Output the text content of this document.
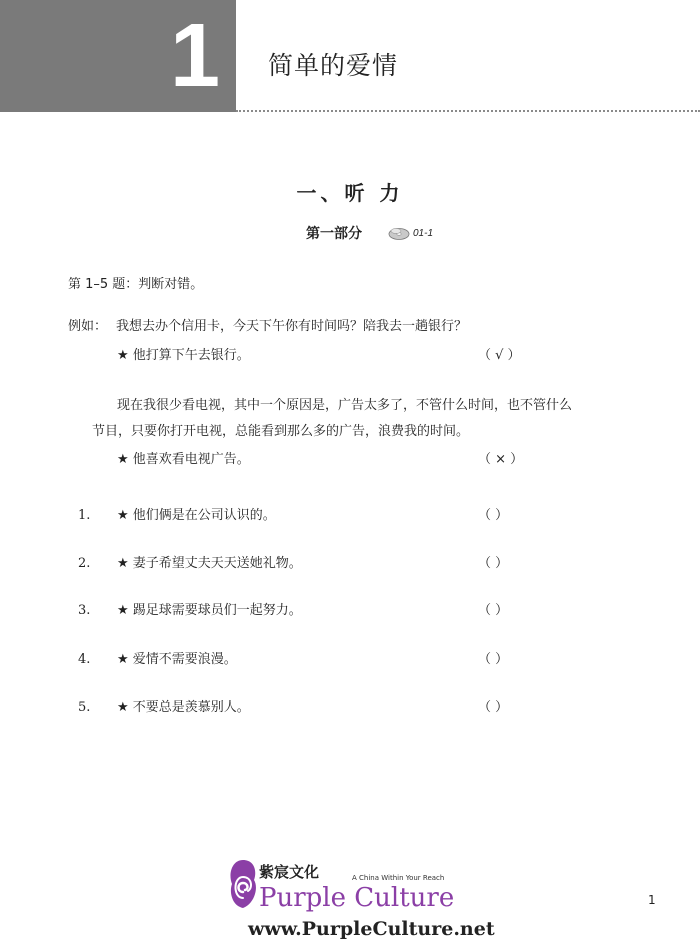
1	简单的爱情
一、听 力
第一部分	01-1
第 1–5 题：判断对错。
例如： 我想去办个信用卡，今天下午你有时间吗？陪我去一趟银行？
★ 他打算下午去银行。	（ √ ）
现在我很少看电视，其中一个原因是，广告太多了，不管什么时间，也不管什么
节目，只要你打开电视，总能看到那么多的广告，浪费我的时间。
★ 他喜欢看电视广告。	（ × ）
1. ★ 他们俩是在公司认识的。	（ ）
2. ★ 妻子希望丈夫天天送她礼物。	（ ）
3. ★ 踢足球需要球员们一起努力。	（ ）
4. ★ 爱情不需要浪漫。	（ ）
5. ★ 不要总是羡慕别人。	（ ）
紫宸文化	A China Within Your Reach
Purple Culture
www.PurpleCulture.net
1
